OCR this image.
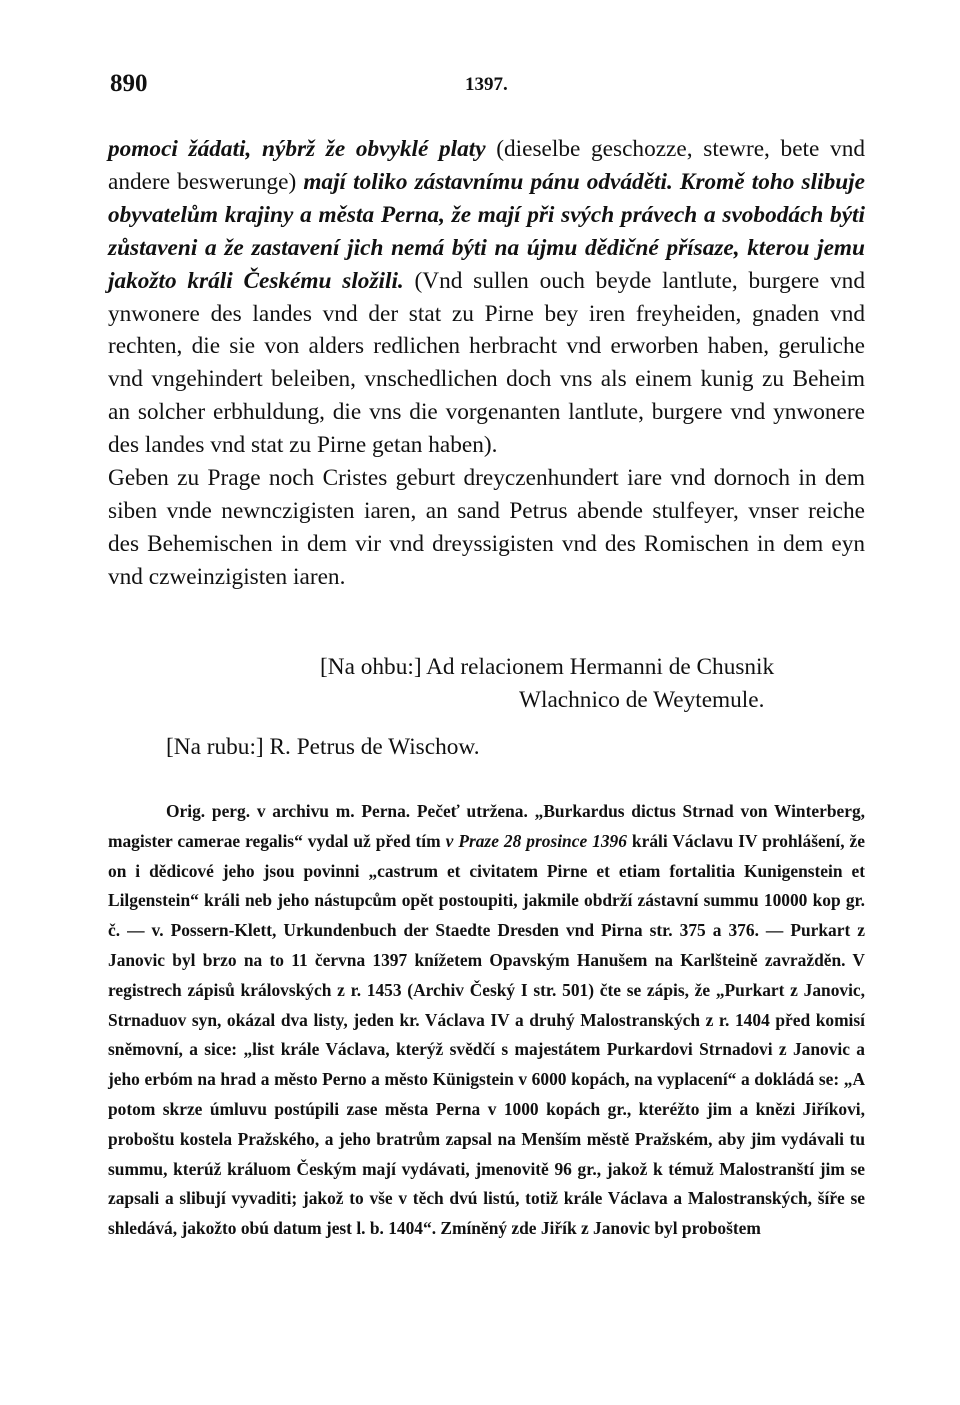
890	1397.

pomoci žádati, nýbrž že obvyklé platy (dieselbe geschozze, stewre, bete vnd andere beswerunge) mají toliko zástavnímu pánu odváděti. Kromě toho slibuje obyvatelům krajiny a města Perna, že mají při svých právech a svobodách býti zůstaveni a že zastavení jich nemá býti na újmu dědičné přísaze, kterou jemu jakožto králi Českému složili. (Vnd sullen ouch beyde lantlute, burgere vnd ynwonere des landes vnd der stat zu Pirne bey iren freyheiden, gnaden vnd rechten, die sie von alders redlichen herbracht vnd erworben haben, geruliche vnd vngehindert beleiben, vnschedlichen doch vns als einem kunig zu Beheim an solcher erbhuldung, die vns die vorgenanten lantlute, burgere vnd ynwonere des landes vnd stat zu Pirne getan haben).

Geben zu Prage noch Cristes geburt dreyczenhundert iare vnd dornoch in dem siben vnde newnczigisten iaren, an sand Petrus abende stulfeyer, vnser reiche des Behemischen in dem vir vnd dreyssigisten vnd des Romischen in dem eyn vnd czweinzigisten iaren.

[Na ohbu:] Ad relacionem Hermanni de Chusnik
Wlachnico de Weytemule.
[Na rubu:] R. Petrus de Wischow.
Orig. perg. v archivu m. Perna. Pečeť utržena. „Burkardus dictus Strnad von Winterberg, magister camerae regalis“ vydal už před tím v Praze 28 prosince 1396 králi Václavu IV prohlášení, že on i dědicové jeho jsou povinni „castrum et civitatem Pirne et etiam fortalitia Kunigenstein et Lilgenstein“ králi neb jeho nástupcům opět postoupiti, jakmile obdrží zástavní summu 10000 kop gr. č. — v. Possern-Klett, Urkundenbuch der Staedte Dresden vnd Pirna str. 375 a 376. — Purkart z Janovic byl brzo na to 11 června 1397 knížetem Opavským Hanušem na Karlšteině zavražděn. V registrech zápisů královských z r. 1453 (Archiv Český I str. 501) čte se zápis, že „Purkart z Janovic, Strnaduov syn, okázal dva listy, jeden kr. Václava IV a druhý Malostranských z r. 1404 před komisí sněmovní, a sice: „list krále Václava, kterýž svědčí s majestátem Purkardovi Strnadovi z Janovic a jeho erbóm na hrad a město Perno a město Künigstein v 6000 kopách, na vyplacení“ a dokládá se: „A potom skrze úmluvu postúpili zase města Perna v 1000 kopách gr., kteréžto jim a knězi Jiříkovi, proboštu kostela Pražského, a jeho bratrům zapsal na Menším městě Pražském, aby jim vydávali tu summu, kterúž králuom Českým mají vydávati, jmenovitě 96 gr., jakož k témuž Malostranští jim se zapsali a slibují vyvaditi; jakož to vše v těch dvú listú, totiž krále Václava a Malostranských, šíře se shledává, jakožto obú datum jest l. b. 1404“. Zmíněný zde Jiřík z Janovic byl proboštem
